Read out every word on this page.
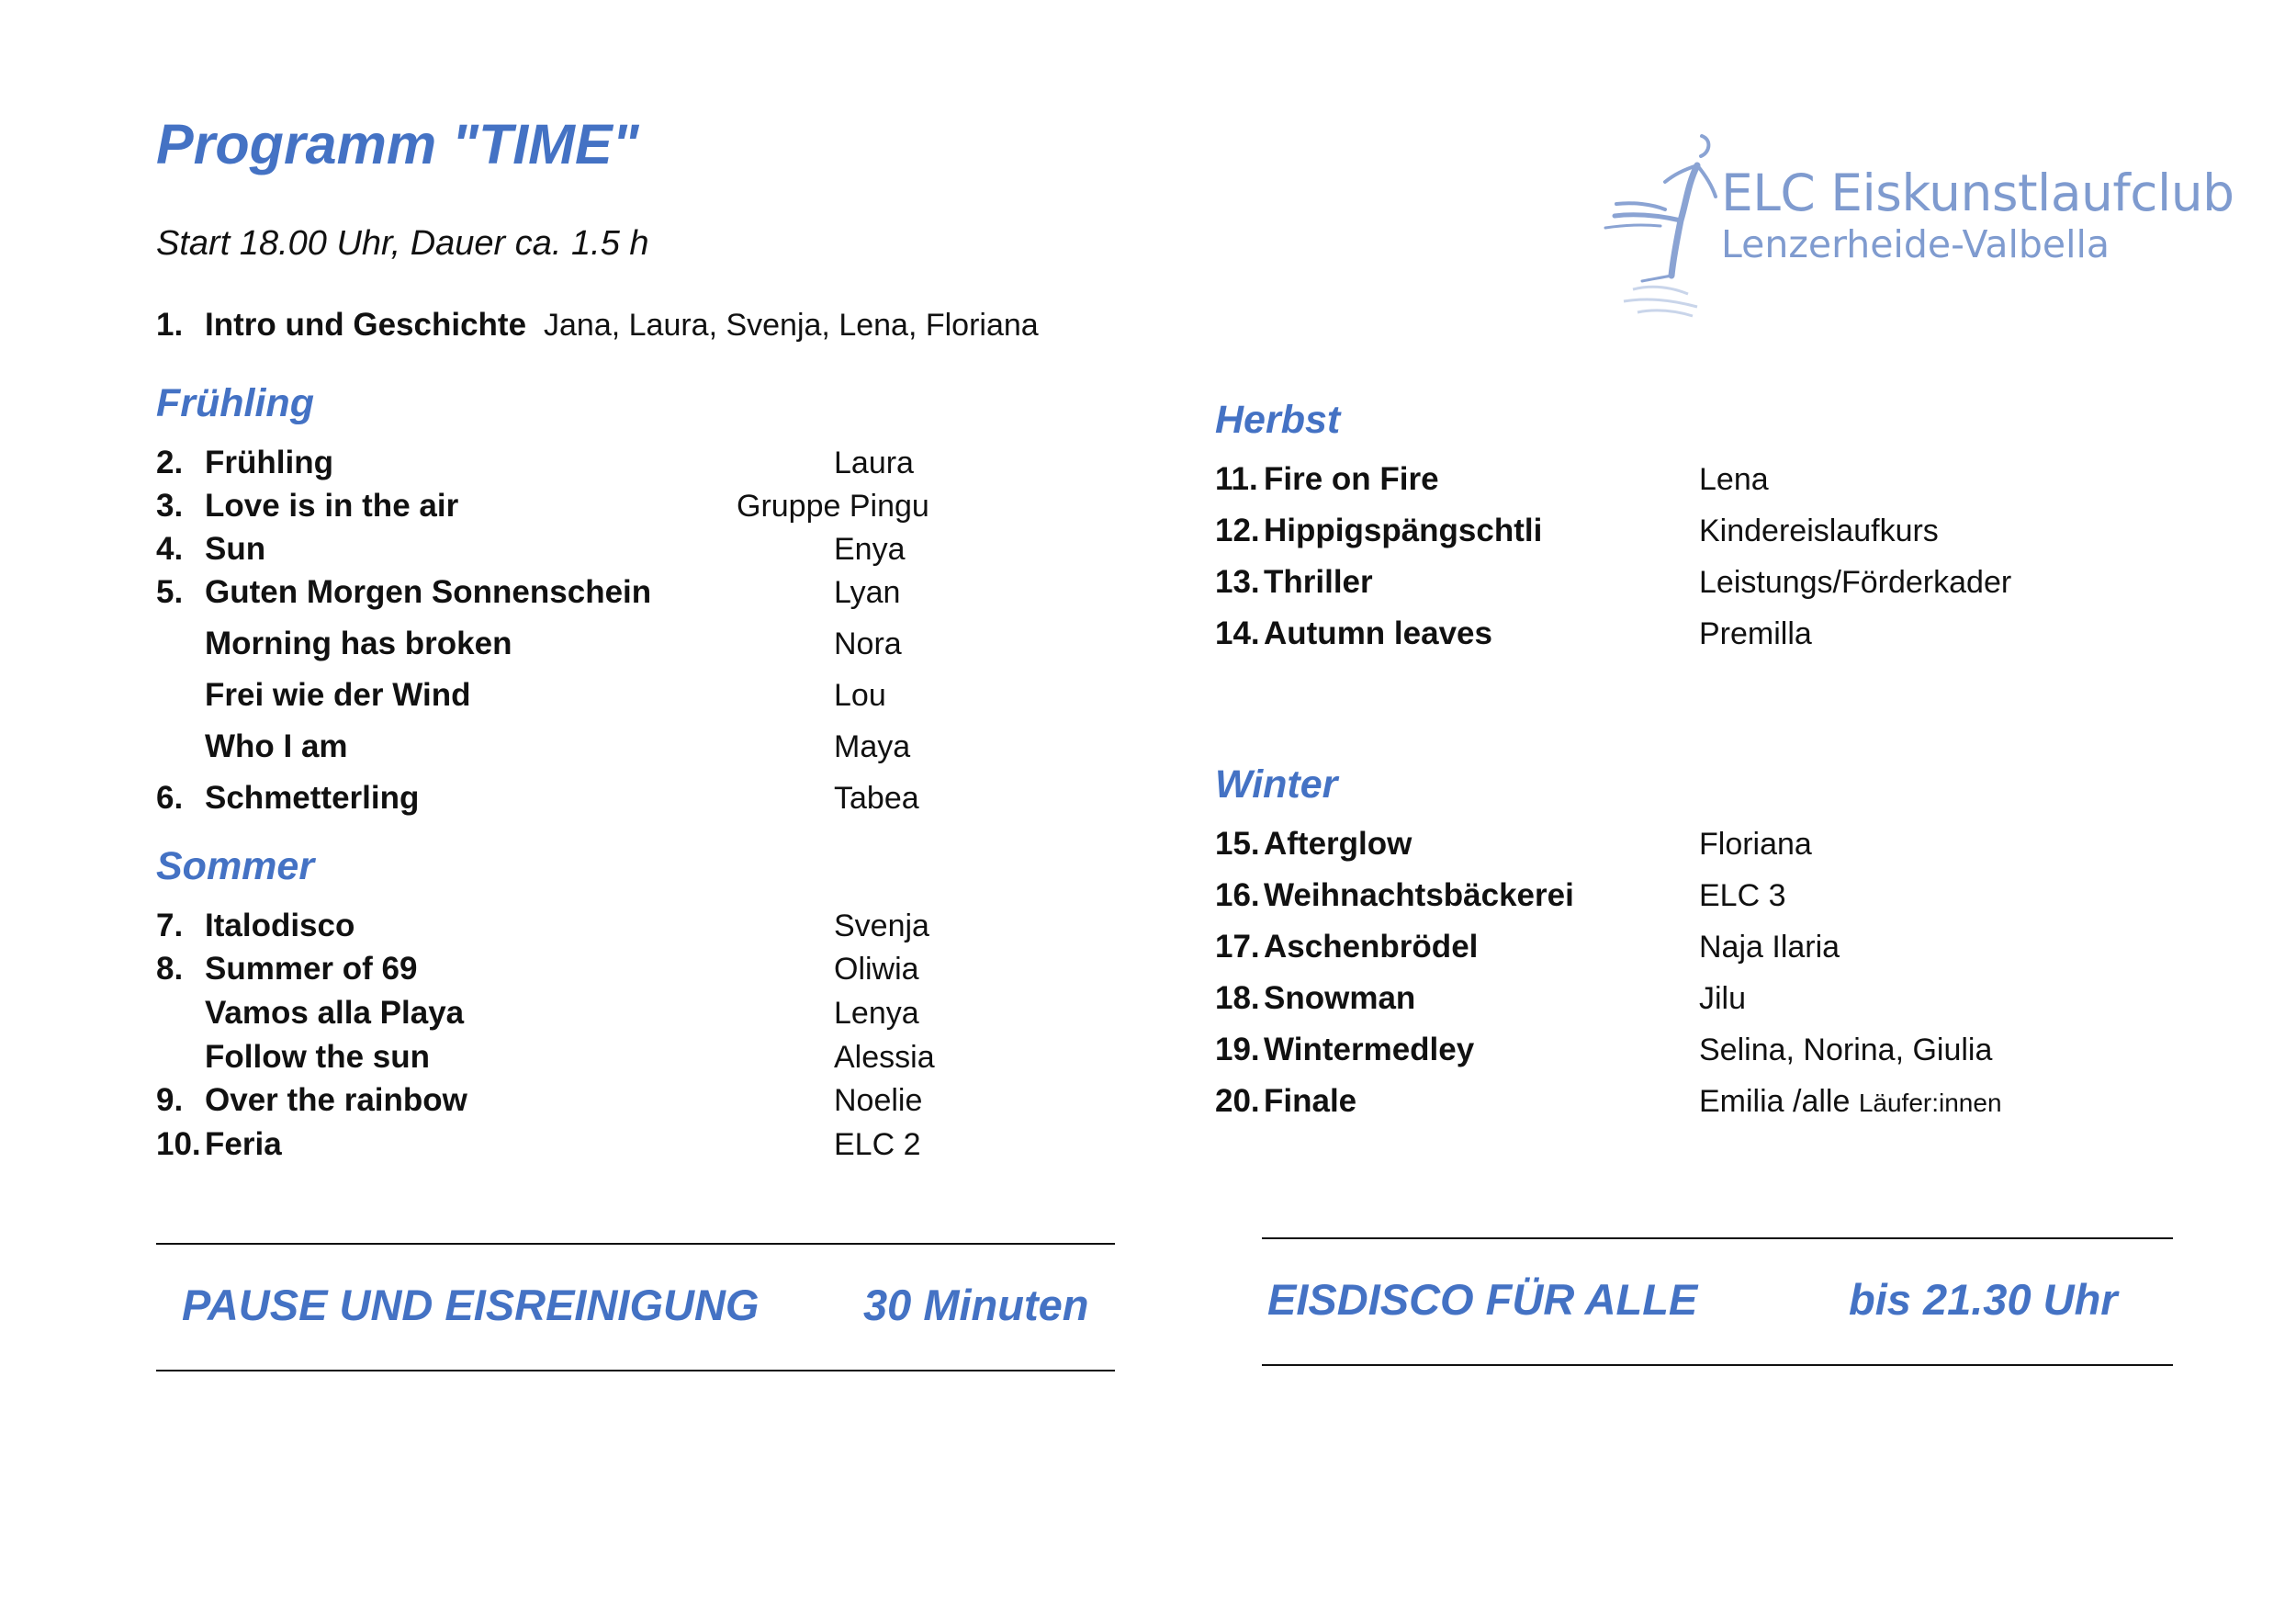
Programm "TIME"
Start 18.00 Uhr, Dauer ca. 1.5 h
ELC Eiskunstlaufclub
Lenzerheide-Valbella
1. Intro und Geschichte Jana, Laura, Svenja, Lena, Floriana
Frühling
2. Frühling	Laura
3. Love is in the air	Gruppe Pingu
4. Sun	Enya
5. Guten Morgen Sonnenschein	Lyan
Morning has broken	Nora
Frei wie der Wind	Lou
Who I am	Maya
6. Schmetterling	Tabea
Sommer
7. Italodisco	Svenja
8. Summer of 69	Oliwia
Vamos alla Playa	Lenya
Follow the sun	Alessia
9. Over the rainbow	Noelie
10. Feria	ELC 2
Herbst
11. Fire on Fire	Lena
12. Hippigspängschtli	Kindereislaufkurs
13. Thriller	Leistungs/Förderkader
14. Autumn leaves	Premilla
Winter
15. Afterglow	Floriana
16. Weihnachtsbäckerei	ELC 3
17. Aschenbrödel	Naja Ilaria
18. Snowman	Jilu
19. Wintermedley	Selina, Norina, Giulia
20. Finale	Emilia /alle Läufer:innen
PAUSE UND EISREINIGUNG 30 Minuten	EISDISCO FÜR ALLE	bis 21.30 Uhr
